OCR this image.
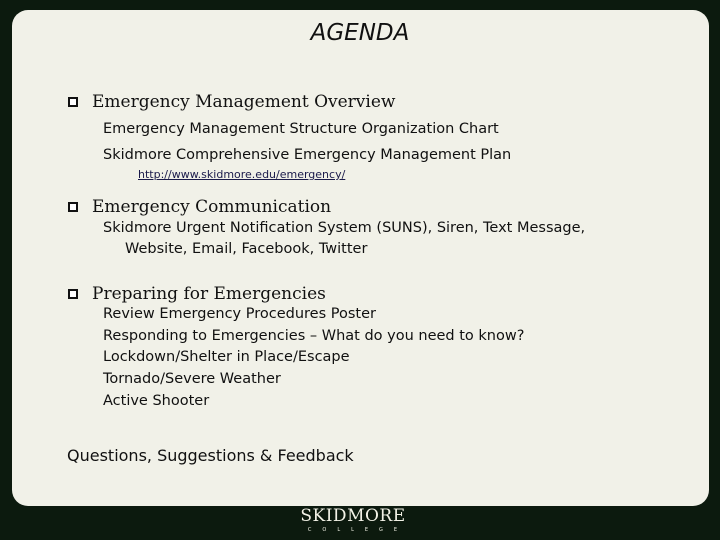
AGENDA
Emergency Management Overview
Emergency Management Structure Organization Chart
Skidmore Comprehensive Emergency Management Plan
http://www.skidmore.edu/emergency/
Emergency Communication
Skidmore Urgent Notification System (SUNS), Siren, Text Message,
Website, Email, Facebook, Twitter
Preparing for Emergencies
Review Emergency Procedures Poster
Responding to Emergencies – What do you need to know?
Lockdown/Shelter in Place/Escape
Tornado/Severe Weather
Active Shooter
Questions, Suggestions & Feedback
SKIDMORE
COLLEGE
